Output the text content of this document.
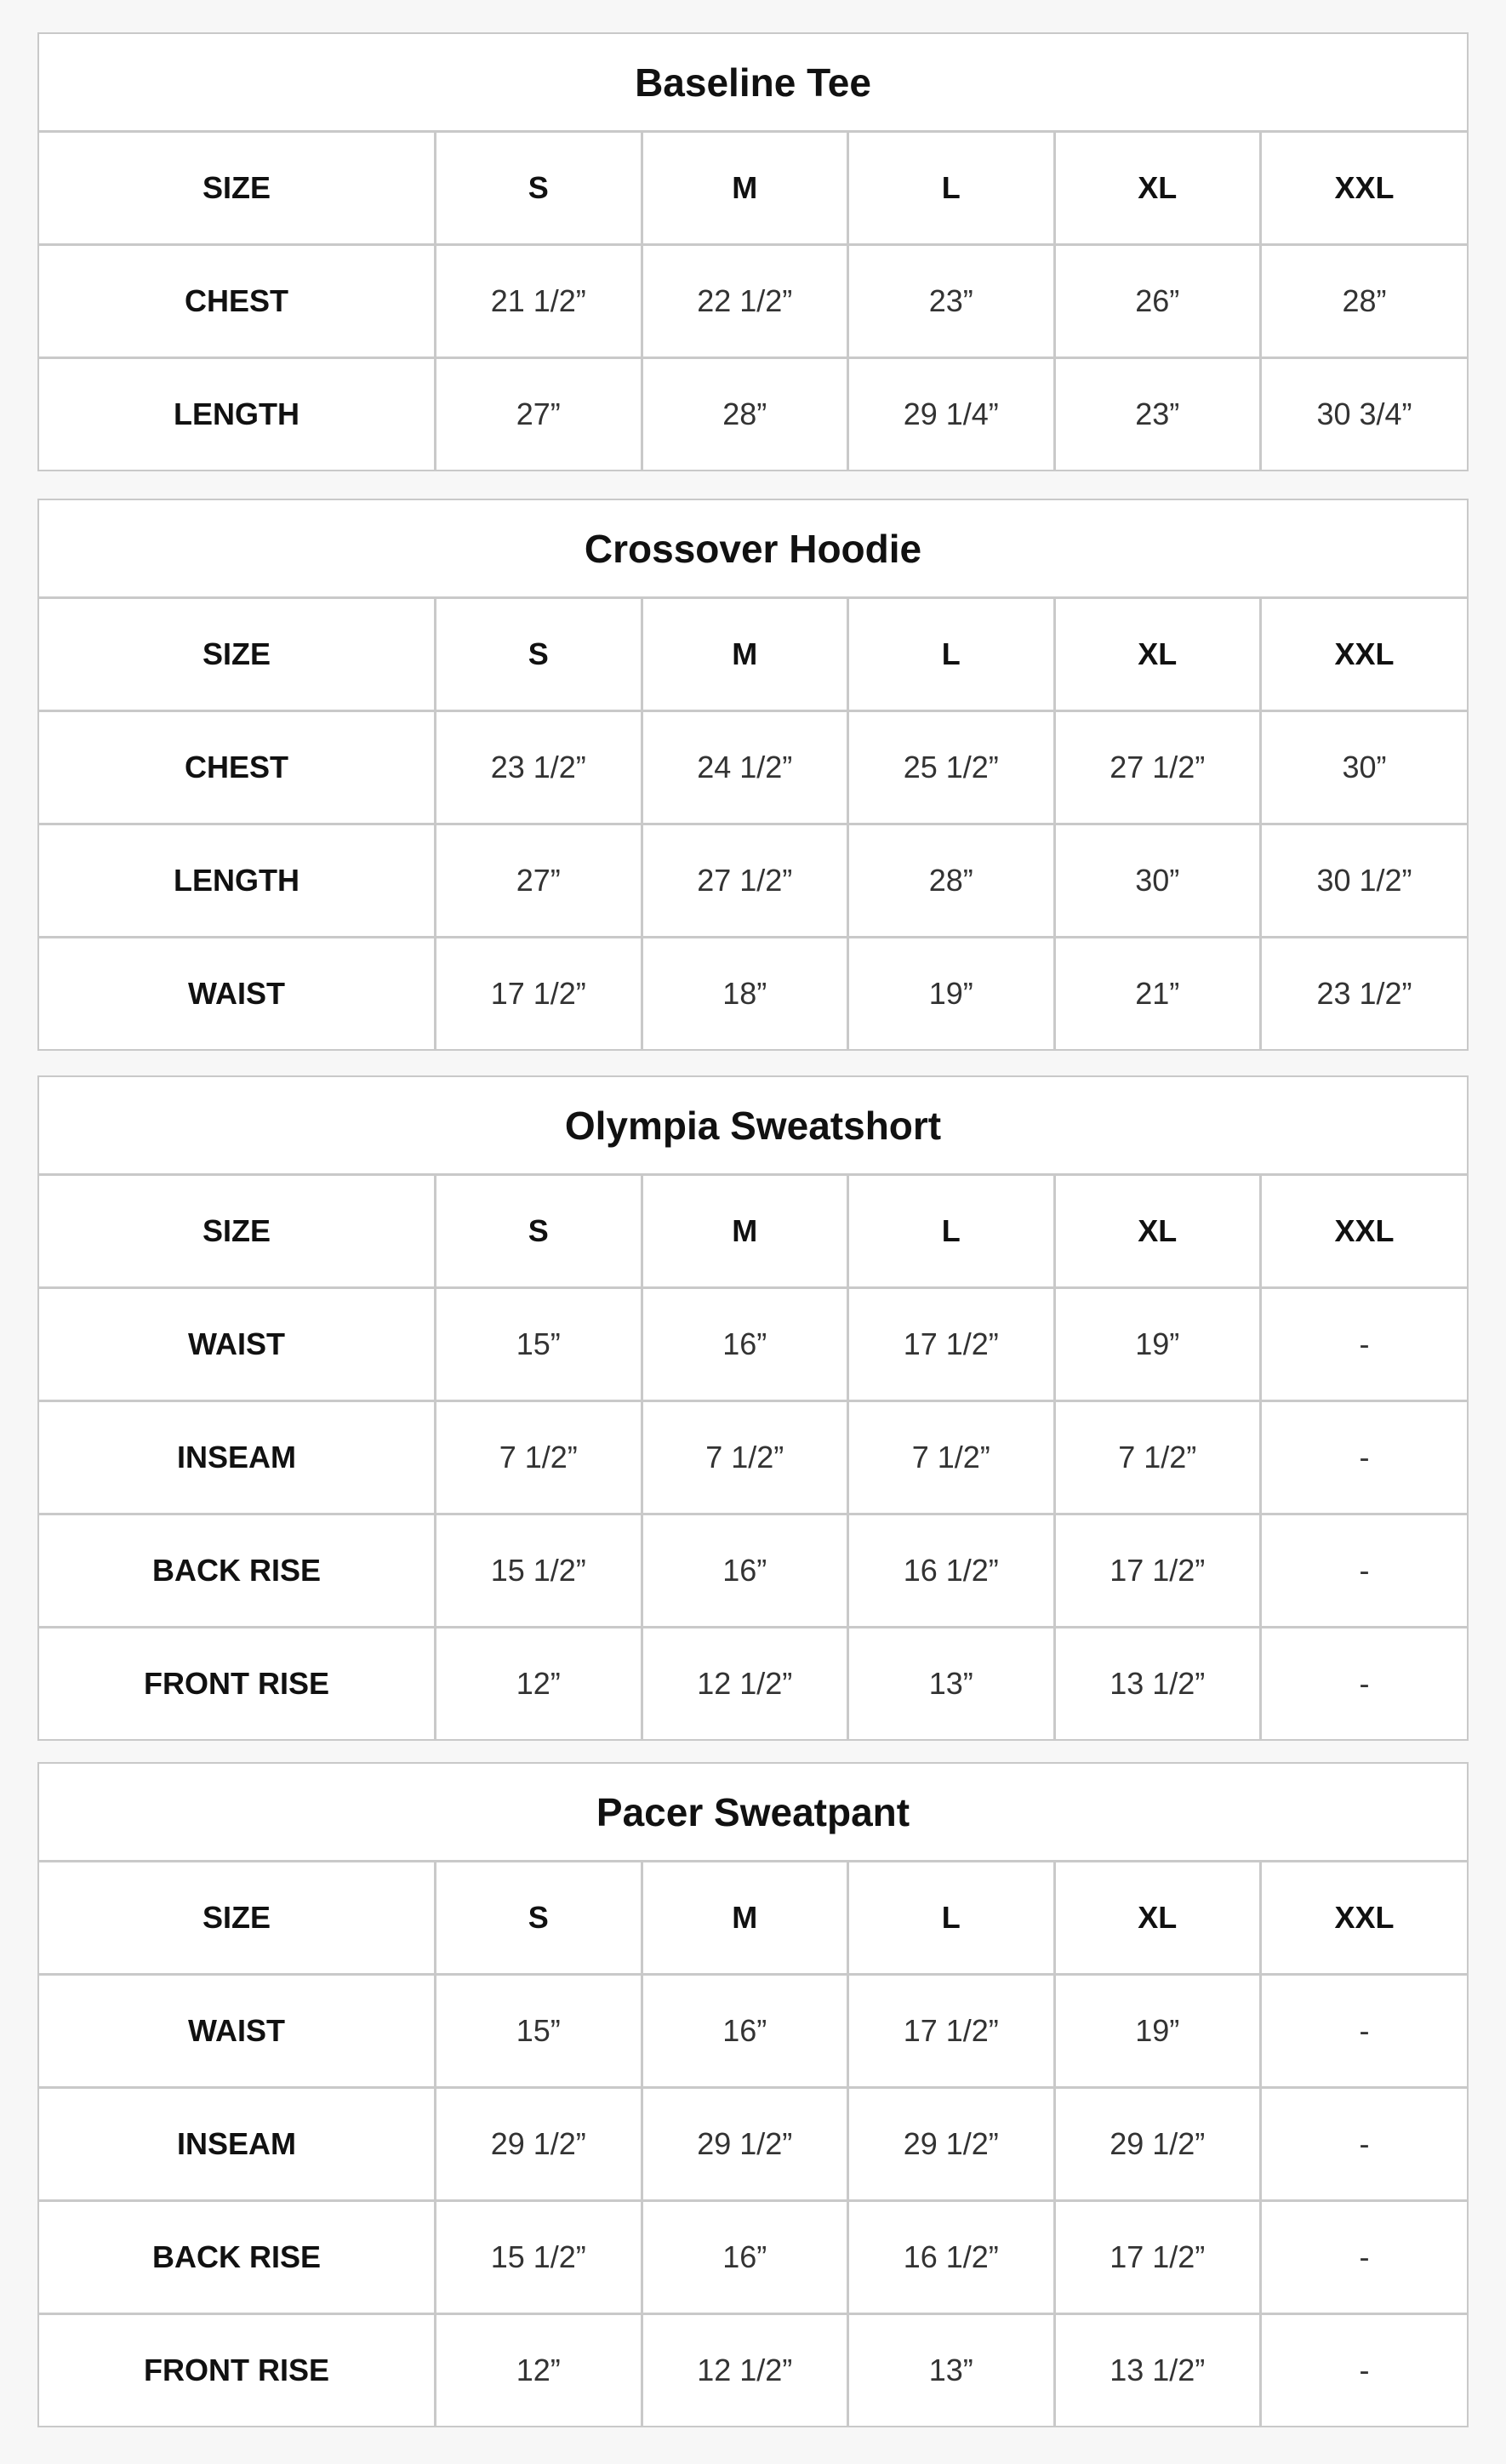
Baseline Tee
SIZE	S	M	L	XL	XXL
CHEST	21 1/2”	22 1/2”	23”	26”	28”
LENGTH	27”	28”	29 1/4”	23”	30 3/4”
Crossover Hoodie
SIZE	S	M	L	XL	XXL
CHEST	23 1/2”	24 1/2”	25 1/2”	27 1/2”	30”
LENGTH	27”	27 1/2”	28”	30”	30 1/2”
WAIST	17 1/2”	18”	19”	21”	23 1/2”
Olympia Sweatshort
SIZE	S	M	L	XL	XXL
WAIST	15”	16”	17 1/2”	19”	-
INSEAM	7 1/2”	7 1/2”	7 1/2”	7 1/2”	-
BACK RISE	15 1/2”	16”	16 1/2”	17 1/2”	-
FRONT RISE	12”	12 1/2”	13”	13 1/2”	-
Pacer Sweatpant
SIZE	S	M	L	XL	XXL
WAIST	15”	16”	17 1/2”	19”	-
INSEAM	29 1/2”	29 1/2”	29 1/2”	29 1/2”	-
BACK RISE	15 1/2”	16”	16 1/2”	17 1/2”	-
FRONT RISE	12”	12 1/2”	13”	13 1/2”	-
